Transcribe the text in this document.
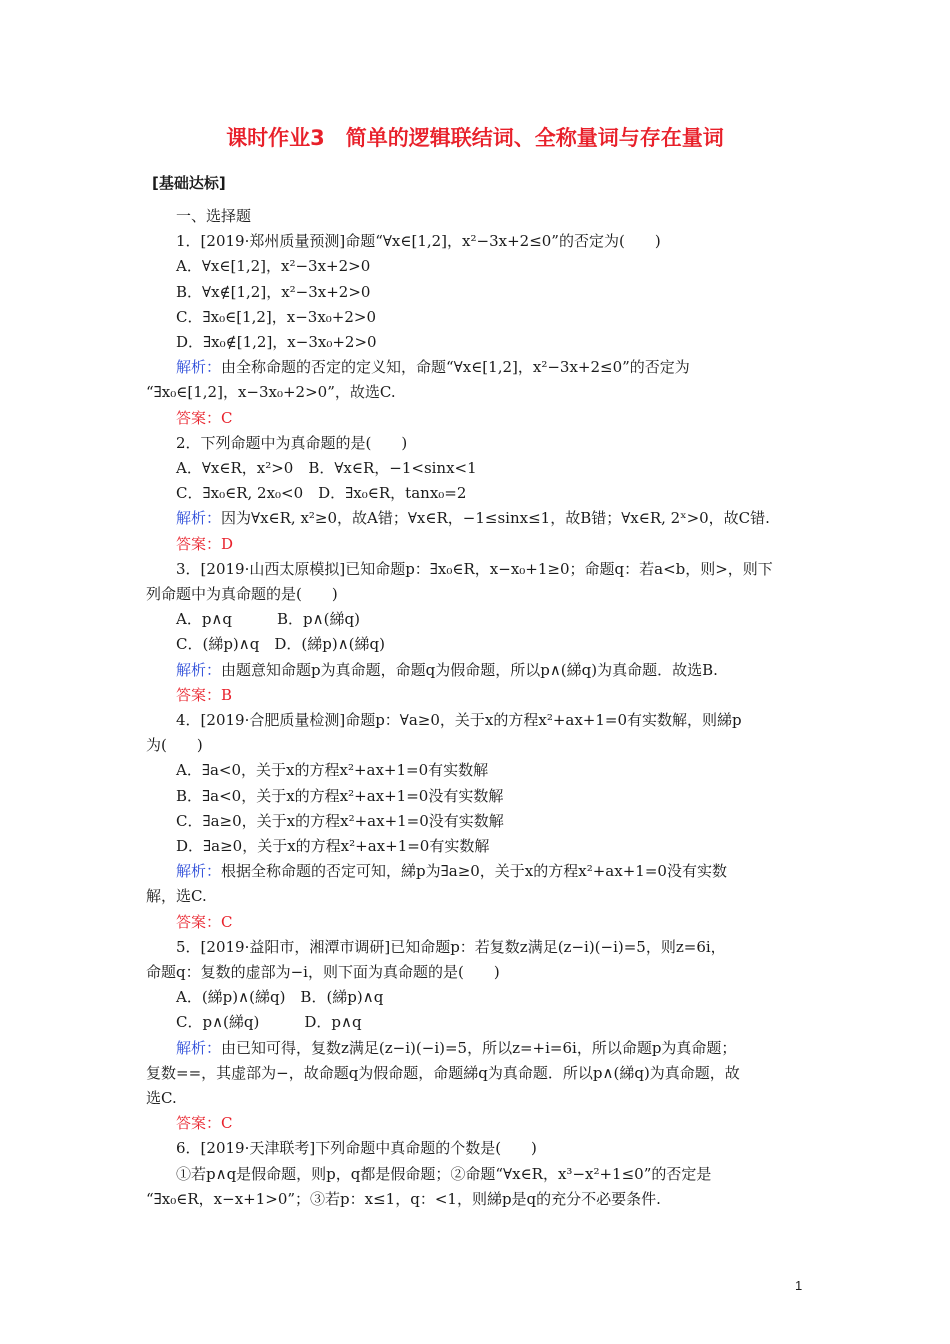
课时作业3　简单的逻辑联结词、全称量词与存在量词
[基础达标]
一、选择题
1．[2019·郑州质量预测]命题“∀x∈[1,2]，x²−3x+2≤0”的否定为(　　)
A．∀x∈[1,2]，x²−3x+2>0
B．∀x∉[1,2]，x²−3x+2>0
C．∃x₀∈[1,2]，x−3x₀+2>0
D．∃x₀∉[1,2]，x−3x₀+2>0
解析：由全称命题的否定的定义知，命题“∀x∈[1,2]，x²−3x+2≤0”的否定为
“∃x₀∈[1,2]，x−3x₀+2>0”，故选C.
答案：C
2．下列命题中为真命题的是(　　)
A．∀x∈R，x²>0　B．∀x∈R，−1<sinx<1
C．∃x₀∈R, 2x₀<0　D．∃x₀∈R，tanx₀=2
解析：因为∀x∈R, x²≥0，故A错；∀x∈R，−1≤sinx≤1，故B错；∀x∈R, 2ˣ>0，故C错.
答案：D
3．[2019·山西太原模拟]已知命题p：∃x₀∈R，x−x₀+1≥0；命题q：若a<b，则>，则下
列命题中为真命题的是(　　)
A．p∧q　　　B．p∧(綈q)
C．(綈p)∧q　D．(綈p)∧(綈q)
解析：由题意知命题p为真命题，命题q为假命题，所以p∧(綈q)为真命题．故选B.
答案：B
4．[2019·合肥质量检测]命题p：∀a≥0，关于x的方程x²+ax+1=0有实数解，则綈p
为(　　)
A．∃a<0，关于x的方程x²+ax+1=0有实数解
B．∃a<0，关于x的方程x²+ax+1=0没有实数解
C．∃a≥0，关于x的方程x²+ax+1=0没有实数解
D．∃a≥0，关于x的方程x²+ax+1=0有实数解
解析：根据全称命题的否定可知，綈p为∃a≥0，关于x的方程x²+ax+1=0没有实数
解，选C.
答案：C
5．[2019·益阳市，湘潭市调研]已知命题p：若复数z满足(z−i)(−i)=5，则z=6i，
命题q：复数的虚部为−i，则下面为真命题的是(　　)
A．(綈p)∧(綈q)　B．(綈p)∧q
C．p∧(綈q)　　　D．p∧q
解析：由已知可得，复数z满足(z−i)(−i)=5，所以z=+i=6i，所以命题p为真命题；
复数==，其虚部为−，故命题q为假命题，命题綈q为真命题．所以p∧(綈q)为真命题，故
选C.
答案：C
6．[2019·天津联考]下列命题中真命题的个数是(　　)
①若p∧q是假命题，则p，q都是假命题；②命题“∀x∈R，x³−x²+1≤0”的否定是
“∃x₀∈R，x−x+1>0”；③若p：x≤1，q：<1，则綈p是q的充分不必要条件.
1
